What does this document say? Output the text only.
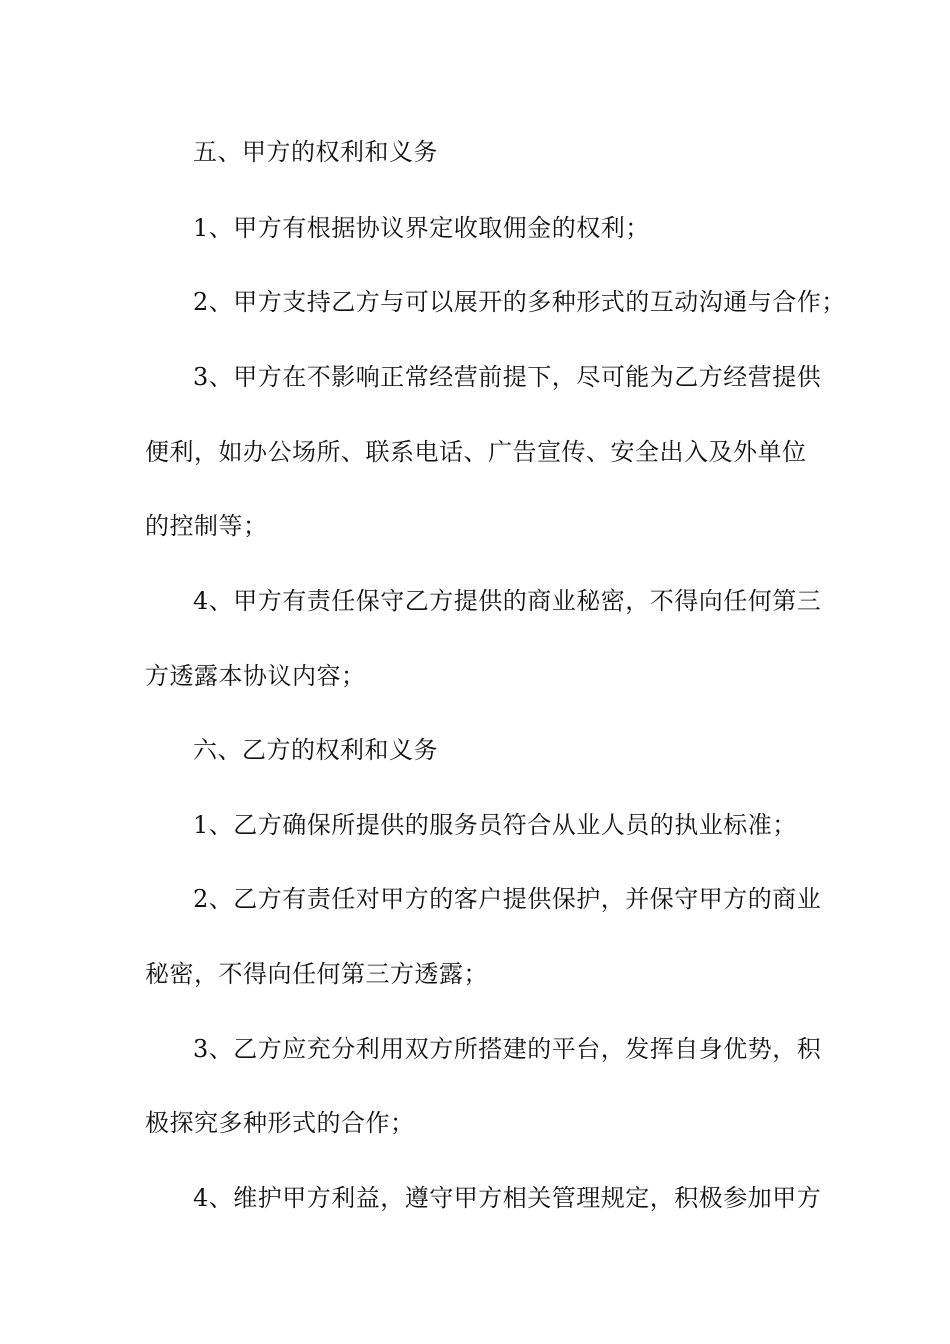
五、甲方的权利和义务
1、甲方有根据协议界定收取佣金的权利；
2、甲方支持乙方与可以展开的多种形式的互动沟通与合作；
3、甲方在不影响正常经营前提下，尽可能为乙方经营提供
便利，如办公场所、联系电话、广告宣传、安全出入及外单位
的控制等；
4、甲方有责任保守乙方提供的商业秘密，不得向任何第三
方透露本协议内容；
六、乙方的权利和义务
1、乙方确保所提供的服务员符合从业人员的执业标准；
2、乙方有责任对甲方的客户提供保护，并保守甲方的商业
秘密，不得向任何第三方透露；
3、乙方应充分利用双方所搭建的平台，发挥自身优势，积
极探究多种形式的合作；
4、维护甲方利益，遵守甲方相关管理规定，积极参加甲方
